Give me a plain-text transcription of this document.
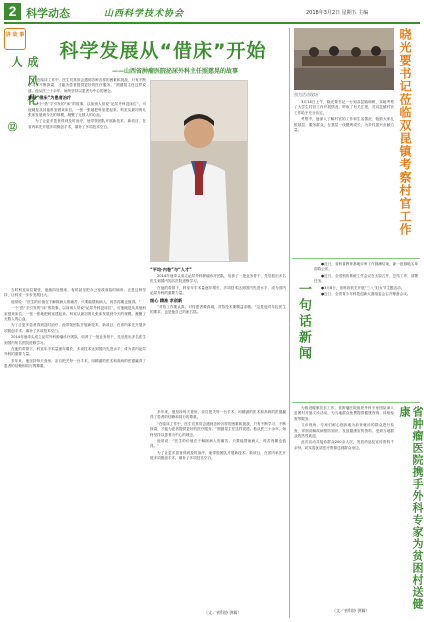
2 科学动态	山西科学技术协会	2018年3月2日 星期五 主编
讲 故 事
成 风 化 人
⑫
科学发展从“借床”开始
——山西省肿瘤医院泌尿外科主任照慈晃的故事

“在临床工作中，医生们常常会遇到各种各样的困难和挑战，只有不断学习、不断探索，才能为患者提供更好的医疗服务。”照慈晃主任这样说道。他从医三十余年，始终坚持以患者为中心的理念。

曾经“借床”为患者治疗

一个“借”字引发的“床”的故事，以前别人常说“泌尿外科没床位”，可他硬是从其他科室借来床位，一张一张地把科室建起来。科室从最初的几张床发展到今天的规模，凝聚了无数人的心血。

为了让更多患者得到及时治疗，他带领团队开展新技术、新项目，在省内率先开展多项微创手术，填补了多项技术空白。

“平均·内卷”与“人才”

2014年他牵头成立泌尿外科肿瘤诊疗团队，培养了一批业务骨干，先后派出多名医生到国内知名医院进修学习。

在他的带领下，科室年手术量逐年增长，多项技术达到国内先进水平，成为省内泌尿外科的重要力量。

细心 精准 求创新

“对待工作要认真，对待患者要真诚，对待技术要精益求精。”这是他对年轻医生的要求，也是他自己的座右铭。

当时科室床位紧张，他就四处借床，有时甚至把办公室改成临时病房。正是这种坚持，让科室一步步发展壮大。

他常说：“医生的价值在于解除病人的痛苦，只要能帮助病人，再苦再累也值得。”

一个“借”字引发的“床”的故事，以前别人常说“泌尿外科没床位”，可他硬是从其他科室借来床位，一张一张地把科室建起来。科室从最初的几张床发展到今天的规模，凝聚了无数人的心血。

为了让更多患者得到及时治疗，他带领团队开展新技术、新项目，在省内率先开展多项微创手术，填补了多项技术空白。

2014年他牵头成立泌尿外科肿瘤诊疗团队，培养了一批业务骨干，先后派出多名医生到国内知名医院进修学习。

在他的带领下，科室年手术量逐年增长，多项技术达到国内先进水平，成为省内泌尿外科的重要力量。

多年来，他坚持每天查房，亲自把关每一台手术，用精湛的医术和高尚的医德赢得了患者的信赖和同行的尊重。

多年来，他坚持每天查房，亲自把关每一台手术，用精湛的医术和高尚的医德赢得了患者的信赖和同行的尊重。

“在临床工作中，医生们常常会遇到各种各样的困难和挑战，只有不断学习、不断探索，才能为患者提供更好的医疗服务。”照慈晃主任这样说道。他从医三十余年，始终坚持以患者为中心的理念。

他常说：“医生的价值在于解除病人的痛苦，只要能帮助病人，再苦再累也值得。”

为了让更多患者得到及时治疗，他带领团队开展新技术、新项目，在省内率先开展多项微创手术，填补了多项技术空白。

（文／省科协 供稿）
晓光要书记莅临双昆镇考察村官工作
图为活动现场

3月18日上午，晓光要书记一行到双昆镇调研，实地考察了大学生村官工作开展情况，听取了有关汇报，对双昆镇村官工作给予充分肯定。

考察中，他深入了解村官的工作和生活情况，勉励大家扎根基层、服务群众，在基层一线锻炼成长，为乡村振兴贡献力量。

一句话新闻

●近日，省科普教育基地评审工作圆满结束，新一批基地名单即将公布。

●近日，全省科协系统工作会议在太原召开，总结工作、部署任务。

●3月8日，省科协机关开展“三八”妇女节主题活动。

●近日，全省青少年科技创新大赛组委会召开筹备会议。

为推进健康扶贫工作，省肿瘤医院组织外科专家团队深入贫困村开展义诊活动，为当地群众免费提供健康咨询、体格检查等服务。

义诊现场，专家们耐心细致地为前来就诊的群众进行检查，详细讲解疾病预防知识，发放健康宣传资料，受到当地群众的热烈欢迎。

此次活动共接诊群众200余人次，发放药品及宣传资料千余份，切实将优质医疗资源送到群众身边。	省肿瘤医院携手外科专家为贫困村送健康
（文／省科协 供稿）
